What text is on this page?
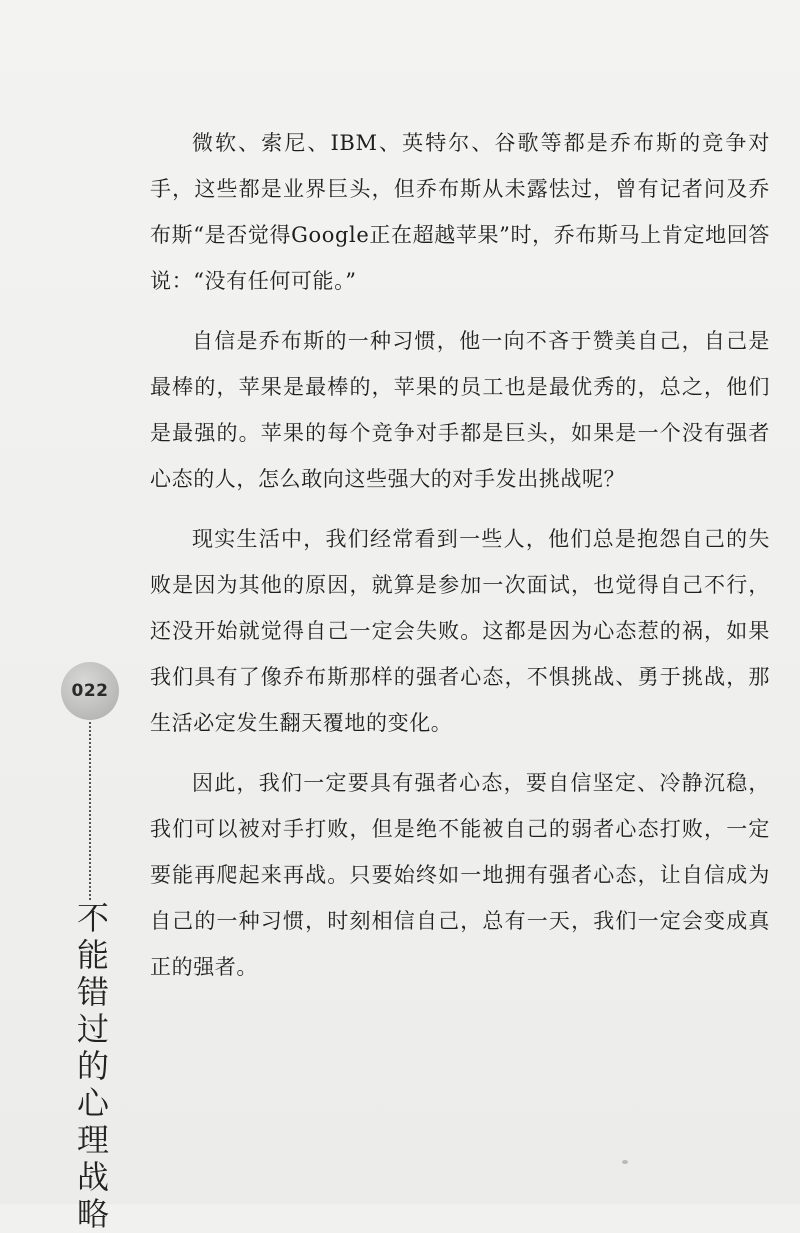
微软、索尼、IBM、英特尔、谷歌等都是乔布斯的竞争对手，这些都是业界巨头，但乔布斯从未露怯过，曾有记者问及乔布斯“是否觉得Google正在超越苹果”时，乔布斯马上肯定地回答说：“没有任何可能。”

自信是乔布斯的一种习惯，他一向不吝于赞美自己，自己是最棒的，苹果是最棒的，苹果的员工也是最优秀的，总之，他们是最强的。苹果的每个竞争对手都是巨头，如果是一个没有强者心态的人，怎么敢向这些强大的对手发出挑战呢？

现实生活中，我们经常看到一些人，他们总是抱怨自己的失败是因为其他的原因，就算是参加一次面试，也觉得自己不行，还没开始就觉得自己一定会失败。这都是因为心态惹的祸，如果我们具有了像乔布斯那样的强者心态，不惧挑战、勇于挑战，那生活必定发生翻天覆地的变化。

因此，我们一定要具有强者心态，要自信坚定、冷静沉稳，我们可以被对手打败，但是绝不能被自己的弱者心态打败，一定要能再爬起来再战。只要始终如一地拥有强者心态，让自信成为自己的一种习惯，时刻相信自己，总有一天，我们一定会变成真正的强者。

022
不
能
错
过
的
心
理
战
略
